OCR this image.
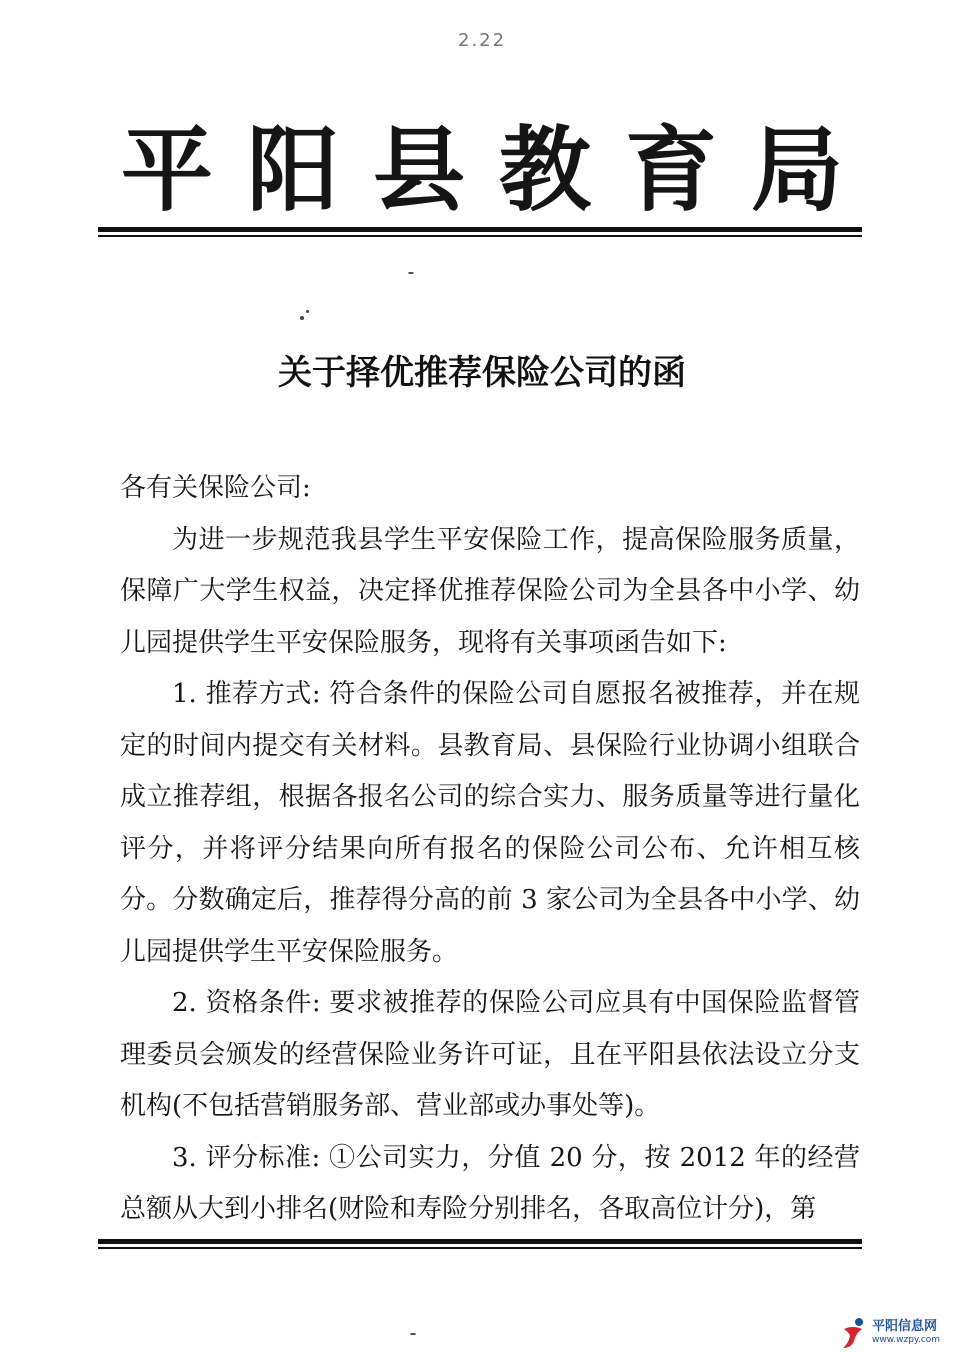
2.22
平阳县教育局
关于择优推荐保险公司的函

各有关保险公司:

为进一步规范我县学生平安保险工作，提高保险服务质量，保障广大学生权益，决定择优推荐保险公司为全县各中小学、幼儿园提供学生平安保险服务，现将有关事项函告如下:

1. 推荐方式: 符合条件的保险公司自愿报名被推荐，并在规定的时间内提交有关材料。县教育局、县保险行业协调小组联合成立推荐组，根据各报名公司的综合实力、服务质量等进行量化评分，并将评分结果向所有报名的保险公司公布、允许相互核分。分数确定后，推荐得分高的前 3 家公司为全县各中小学、幼儿园提供学生平安保险服务。

2. 资格条件: 要求被推荐的保险公司应具有中国保险监督管理委员会颁发的经营保险业务许可证，且在平阳县依法设立分支机构(不包括营销服务部、营业部或办事处等)。

3. 评分标准: ①公司实力，分值 20 分，按 2012 年的经营总额从大到小排名(财险和寿险分别排名，各取高位计分)，第

平阳信息网
www.wzpy.com
